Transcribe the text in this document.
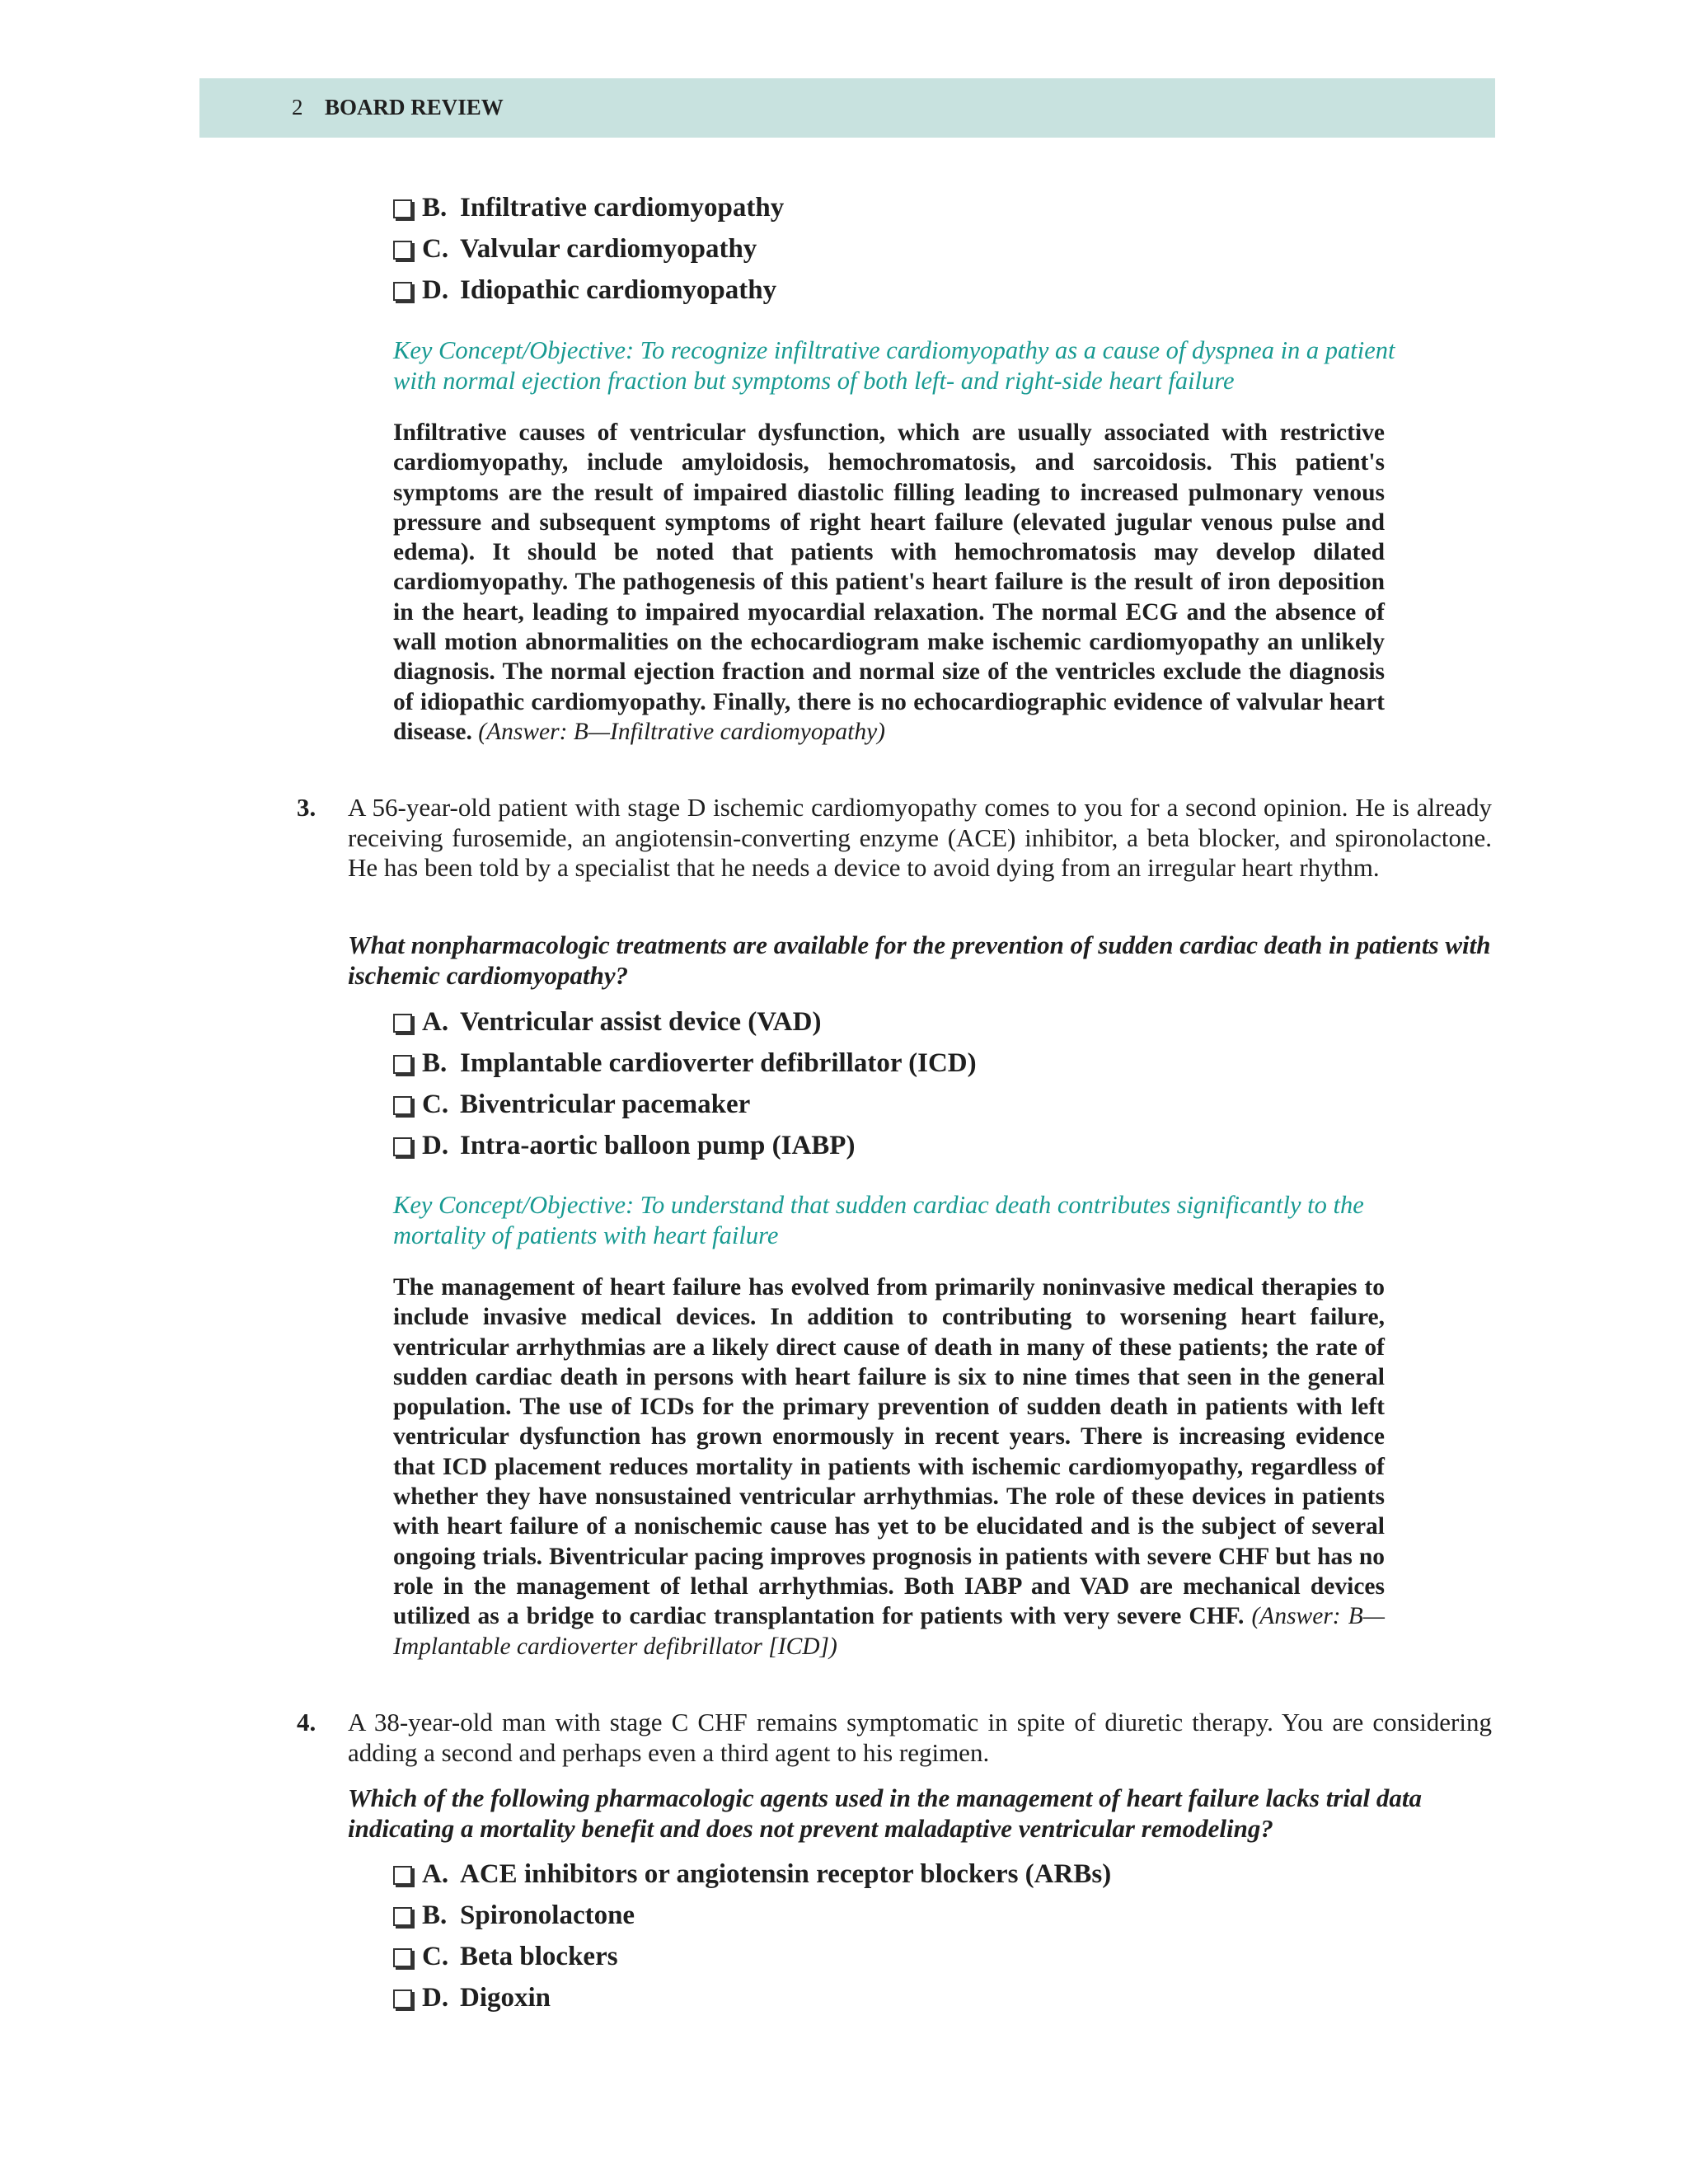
2 BOARD REVIEW
B. Infiltrative cardiomyopathy
C. Valvular cardiomyopathy
D. Idiopathic cardiomyopathy
Key Concept/Objective: To recognize infiltrative cardiomyopathy as a cause of dyspnea in a patient with normal ejection fraction but symptoms of both left- and right-side heart failure
Infiltrative causes of ventricular dysfunction, which are usually associated with restrictive cardiomyopathy, include amyloidosis, hemochromatosis, and sarcoidosis. This patient's symptoms are the result of impaired diastolic filling leading to increased pulmonary venous pressure and subsequent symptoms of right heart failure (elevated jugular venous pulse and edema). It should be noted that patients with hemochromatosis may develop dilated cardiomyopathy. The pathogenesis of this patient's heart failure is the result of iron deposition in the heart, leading to impaired myocardial relaxation. The normal ECG and the absence of wall motion abnormalities on the echocardiogram make ischemic cardiomyopathy an unlikely diagnosis. The normal ejection fraction and normal size of the ventricles exclude the diagnosis of idiopathic cardiomyopathy. Finally, there is no echocardiographic evidence of valvular heart disease. (Answer: B—Infiltrative cardiomyopathy)
3. A 56-year-old patient with stage D ischemic cardiomyopathy comes to you for a second opinion. He is already receiving furosemide, an angiotensin-converting enzyme (ACE) inhibitor, a beta blocker, and spironolactone. He has been told by a specialist that he needs a device to avoid dying from an irregular heart rhythm.
What nonpharmacologic treatments are available for the prevention of sudden cardiac death in patients with ischemic cardiomyopathy?
A. Ventricular assist device (VAD)
B. Implantable cardioverter defibrillator (ICD)
C. Biventricular pacemaker
D. Intra-aortic balloon pump (IABP)
Key Concept/Objective: To understand that sudden cardiac death contributes significantly to the mortality of patients with heart failure
The management of heart failure has evolved from primarily noninvasive medical therapies to include invasive medical devices. In addition to contributing to worsening heart failure, ventricular arrhythmias are a likely direct cause of death in many of these patients; the rate of sudden cardiac death in persons with heart failure is six to nine times that seen in the general population. The use of ICDs for the primary prevention of sudden death in patients with left ventricular dysfunction has grown enormously in recent years. There is increasing evidence that ICD placement reduces mortality in patients with ischemic cardiomyopathy, regardless of whether they have nonsustained ventricular arrhythmias. The role of these devices in patients with heart failure of a nonischemic cause has yet to be elucidated and is the subject of several ongoing trials. Biventricular pacing improves prognosis in patients with severe CHF but has no role in the management of lethal arrhythmias. Both IABP and VAD are mechanical devices utilized as a bridge to cardiac transplantation for patients with very severe CHF. (Answer: B—Implantable cardioverter defibrillator [ICD])
4. A 38-year-old man with stage C CHF remains symptomatic in spite of diuretic therapy. You are considering adding a second and perhaps even a third agent to his regimen.
Which of the following pharmacologic agents used in the management of heart failure lacks trial data indicating a mortality benefit and does not prevent maladaptive ventricular remodeling?
A. ACE inhibitors or angiotensin receptor blockers (ARBs)
B. Spironolactone
C. Beta blockers
D. Digoxin
